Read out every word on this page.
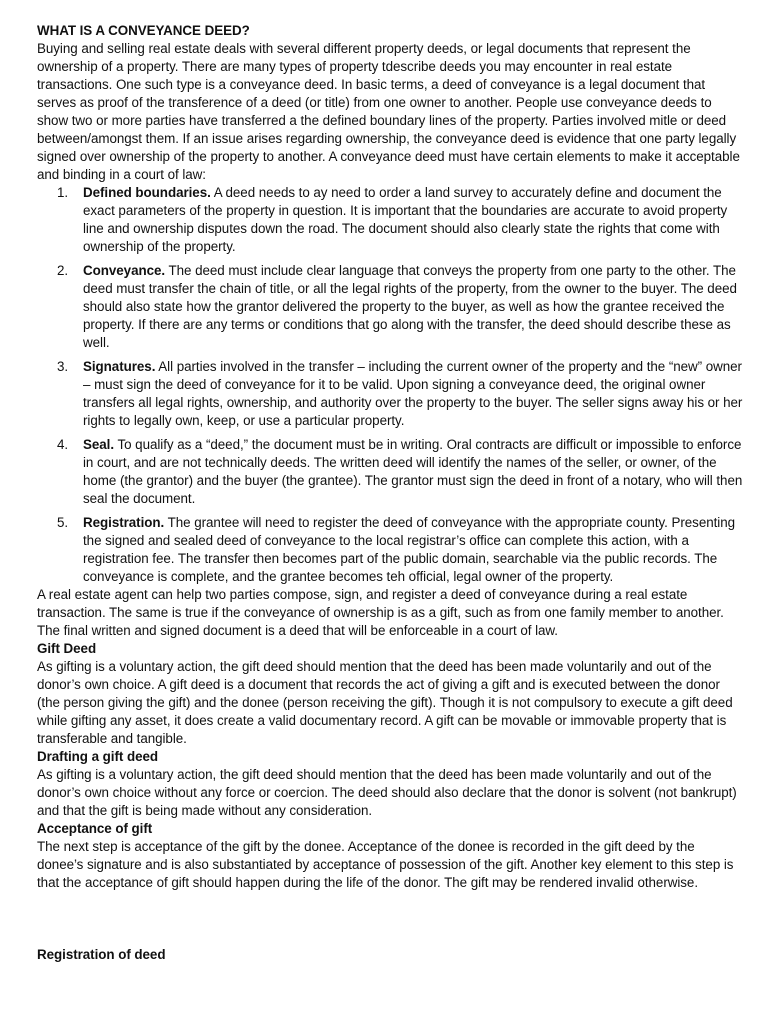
WHAT IS A CONVEYANCE DEED?

Buying and selling real estate deals with several different property deeds, or legal documents that represent the ownership of a property. There are many types of property tdescribe deeds you may encounter in real estate transactions. One such type is a conveyance deed. In basic terms, a deed of conveyance is a legal document that serves as proof of the transference of a deed (or title) from one owner to another. People use conveyance deeds to show two or more parties have transferred a the defined boundary lines of the property. Parties involved mitle or deed between/amongst them. If an issue arises regarding ownership, the conveyance deed is evidence that one party legally signed over ownership of the property to another. A conveyance deed must have certain elements to make it acceptable and binding in a court of law:

1. Defined boundaries. A deed needs to ay need to order a land survey to accurately define and document the exact parameters of the property in question. It is important that the boundaries are accurate to avoid property line and ownership disputes down the road. The document should also clearly state the rights that come with ownership of the property.
2. Conveyance. The deed must include clear language that conveys the property from one party to the other. The deed must transfer the chain of title, or all the legal rights of the property, from the owner to the buyer. The deed should also state how the grantor delivered the property to the buyer, as well as how the grantee received the property. If there are any terms or conditions that go along with the transfer, the deed should describe these as well.
3. Signatures. All parties involved in the transfer – including the current owner of the property and the “new” owner – must sign the deed of conveyance for it to be valid. Upon signing a conveyance deed, the original owner transfers all legal rights, ownership, and authority over the property to the buyer. The seller signs away his or her rights to legally own, keep, or use a particular property.
4. Seal. To qualify as a “deed,” the document must be in writing. Oral contracts are difficult or impossible to enforce in court, and are not technically deeds. The written deed will identify the names of the seller, or owner, of the home (the grantor) and the buyer (the grantee). The grantor must sign the deed in front of a notary, who will then seal the document.
5. Registration. The grantee will need to register the deed of conveyance with the appropriate county. Presenting the signed and sealed deed of conveyance to the local registrar’s office can complete this action, with a registration fee. The transfer then becomes part of the public domain, searchable via the public records. The conveyance is complete, and the grantee becomes teh official, legal owner of the property.

A real estate agent can help two parties compose, sign, and register a deed of conveyance during a real estate transaction. The same is true if the conveyance of ownership is as a gift, such as from one family member to another. The final written and signed document is a deed that will be enforceable in a court of law.

Gift Deed

As gifting is a voluntary action, the gift deed should mention that the deed has been made voluntarily and out of the donor’s own choice. A gift deed is a document that records the act of giving a gift and is executed between the donor (the person giving the gift) and the donee (person receiving the gift). Though it is not compulsory to execute a gift deed while gifting any asset, it does create a valid documentary record. A gift can be movable or immovable property that is transferable and tangible.

Drafting a gift deed

As gifting is a voluntary action, the gift deed should mention that the deed has been made voluntarily and out of the donor’s own choice without any force or coercion. The deed should also declare that the donor is solvent (not bankrupt) and that the gift is being made without any consideration.

Acceptance of gift

The next step is acceptance of the gift by the donee. Acceptance of the donee is recorded in the gift deed by the donee’s signature and is also substantiated by acceptance of possession of the gift. Another key element to this step is that the acceptance of gift should happen during the life of the donor. The gift may be rendered invalid otherwise.

Registration of deed
